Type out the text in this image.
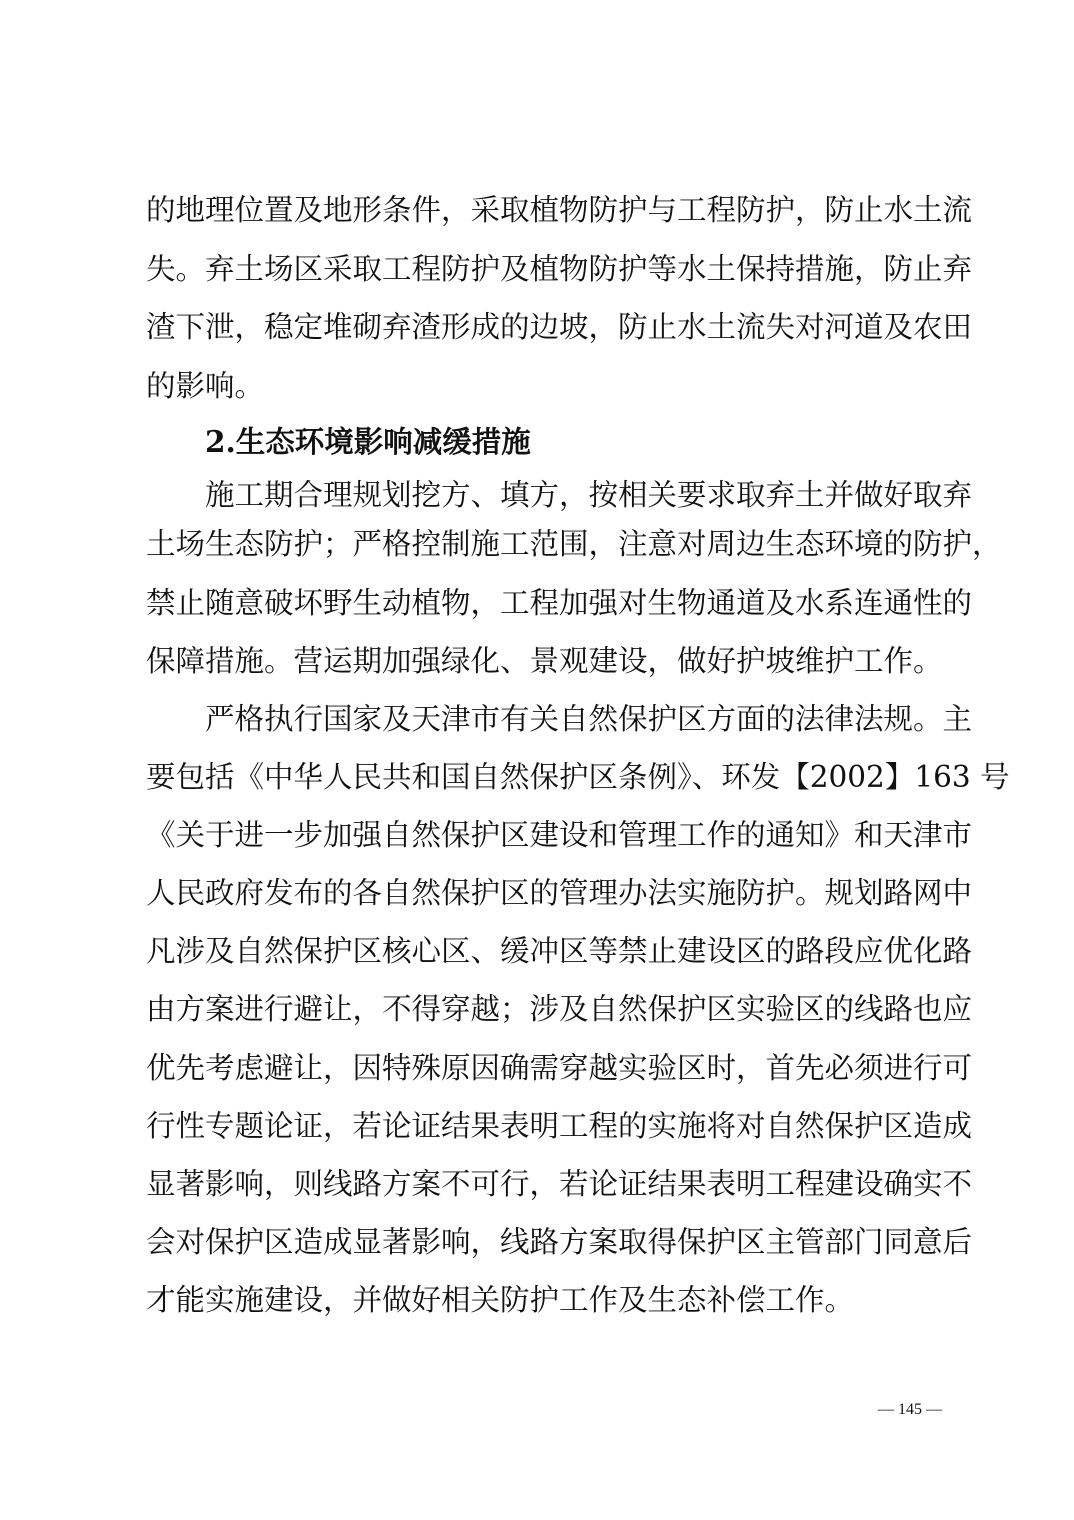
的地理位置及地形条件，采取植物防护与工程防护，防止水土流
失。弃土场区采取工程防护及植物防护等水土保持措施，防止弃
渣下泄，稳定堆砌弃渣形成的边坡，防止水土流失对河道及农田
的影响。
2.生态环境影响减缓措施
施工期合理规划挖方、填方，按相关要求取弃土并做好取弃
土场生态防护；严格控制施工范围，注意对周边生态环境的防护，
禁止随意破坏野生动植物，工程加强对生物通道及水系连通性的
保障措施。营运期加强绿化、景观建设，做好护坡维护工作。
严格执行国家及天津市有关自然保护区方面的法律法规。主
要包括《中华人民共和国自然保护区条例》、环发【2002】163 号
《关于进一步加强自然保护区建设和管理工作的通知》和天津市
人民政府发布的各自然保护区的管理办法实施防护。规划路网中
凡涉及自然保护区核心区、缓冲区等禁止建设区的路段应优化路
由方案进行避让，不得穿越；涉及自然保护区实验区的线路也应
优先考虑避让，因特殊原因确需穿越实验区时，首先必须进行可
行性专题论证，若论证结果表明工程的实施将对自然保护区造成
显著影响，则线路方案不可行，若论证结果表明工程建设确实不
会对保护区造成显著影响，线路方案取得保护区主管部门同意后
才能实施建设，并做好相关防护工作及生态补偿工作。
— 145 —
